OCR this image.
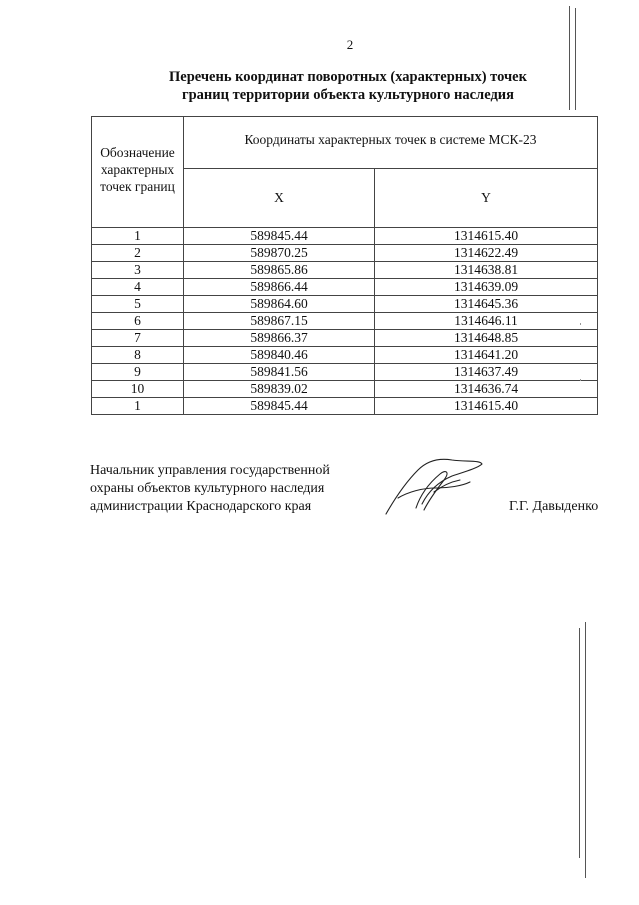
2
Перечень координат поворотных (характерных) точек
границ территории объекта культурного наследия
Обозначение
характерных
точек границ	Координаты характерных точек в системе МСК-23	
	X	Y
1	589845.44	1314615.40
2	589870.25	1314622.49
3	589865.86	1314638.81
4	589866.44	1314639.09
5	589864.60	1314645.36
6	589867.15	1314646.11
7	589866.37	1314648.85
8	589840.46	1314641.20
9	589841.56	1314637.49
10	589839.02	1314636.74
1	589845.44	1314615.40
Начальник управления государственной
охраны объектов культурного наследия
администрации Краснодарского края	Г.Г. Давыденко
